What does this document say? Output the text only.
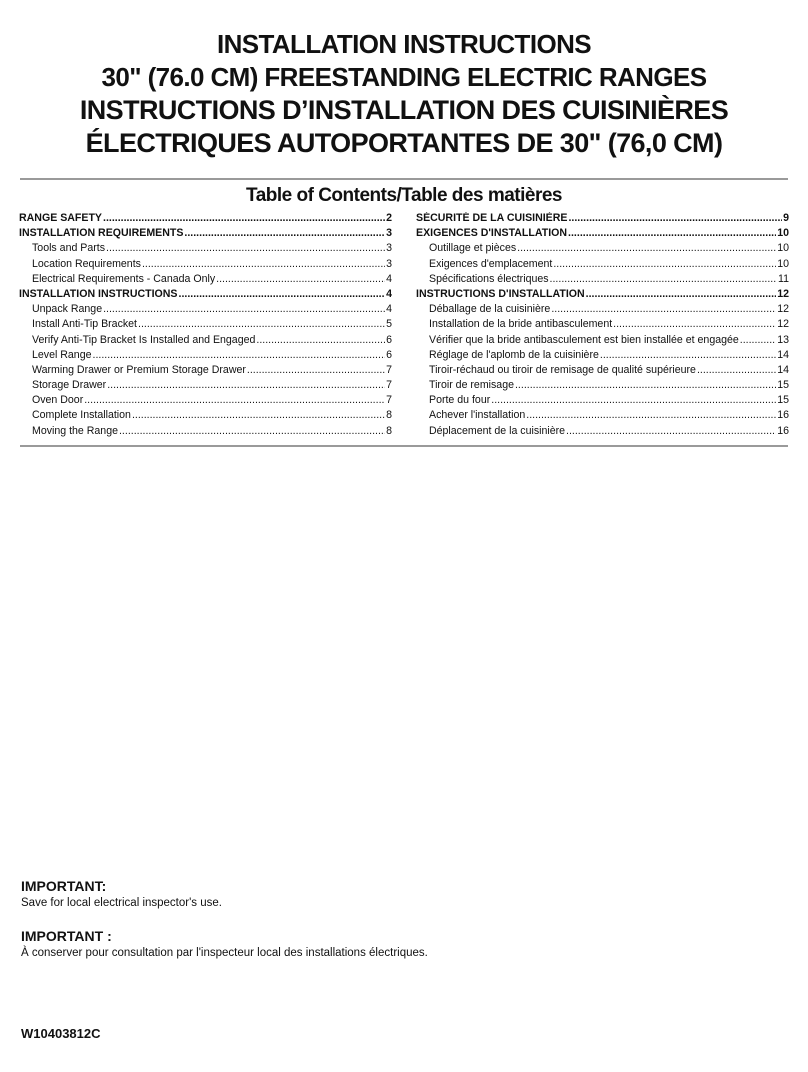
INSTALLATION INSTRUCTIONS
30" (76.0 CM) FREESTANDING ELECTRIC RANGES
INSTRUCTIONS D’INSTALLATION DES CUISINIÈRES
ÉLECTRIQUES AUTOPORTANTES DE 30" (76,0 CM)
Table of Contents/Table des matières
RANGE SAFETY .....	2
INSTALLATION REQUIREMENTS .....	3
Tools and Parts .....	3
Location Requirements .....	3
Electrical Requirements - Canada Only .....	4
INSTALLATION INSTRUCTIONS .....	4
Unpack Range .....	4
Install Anti-Tip Bracket .....	5
Verify Anti-Tip Bracket Is Installed and Engaged .....	6
Level Range .....	6
Warming Drawer or Premium Storage Drawer .....	7
Storage Drawer .....	7
Oven Door .....	7
Complete Installation .....	8
Moving the Range .....	8
SÉCURITÉ DE LA CUISINIÈRE .....	9
EXIGENCES D'INSTALLATION .....	10
Outillage et pièces .....	10
Exigences d'emplacement .....	10
Spécifications électriques .....	11
INSTRUCTIONS D'INSTALLATION .....	12
Déballage de la cuisinière .....	12
Installation de la bride antibasculement .....	12
Vérifier que la bride antibasculement est bien installée et engagée .....	13
Réglage de l'aplomb de la cuisinière .....	14
Tiroir-réchaud ou tiroir de remisage de qualité supérieure .....	14
Tiroir de remisage .....	15
Porte du four .....	15
Achever l'installation .....	16
Déplacement de la cuisinière .....	16
IMPORTANT:
Save for local electrical inspector's use.
IMPORTANT :
À conserver pour consultation par l'inspecteur local des installations électriques.
W10403812C
